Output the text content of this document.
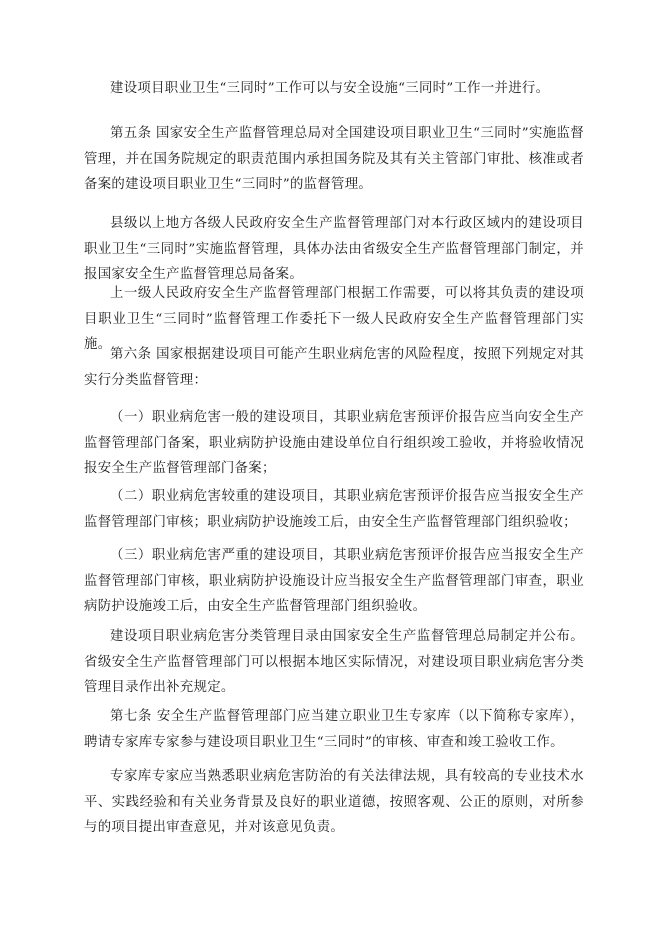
建设项目职业卫生“三同时”工作可以与安全设施“三同时”工作一并进行。

第五条 国家安全生产监督管理总局对全国建设项目职业卫生“三同时”实施监督管理，并在国务院规定的职责范围内承担国务院及其有关主管部门审批、核准或者备案的建设项目职业卫生“三同时”的监督管理。

县级以上地方各级人民政府安全生产监督管理部门对本行政区域内的建设项目职业卫生“三同时”实施监督管理，具体办法由省级安全生产监督管理部门制定，并报国家安全生产监督管理总局备案。

上一级人民政府安全生产监督管理部门根据工作需要，可以将其负责的建设项目职业卫生“三同时”监督管理工作委托下一级人民政府安全生产监督管理部门实施。

第六条 国家根据建设项目可能产生职业病危害的风险程度，按照下列规定对其实行分类监督管理：

（一）职业病危害一般的建设项目，其职业病危害预评价报告应当向安全生产监督管理部门备案，职业病防护设施由建设单位自行组织竣工验收，并将验收情况报安全生产监督管理部门备案；

（二）职业病危害较重的建设项目，其职业病危害预评价报告应当报安全生产监督管理部门审核；职业病防护设施竣工后，由安全生产监督管理部门组织验收；

（三）职业病危害严重的建设项目，其职业病危害预评价报告应当报安全生产监督管理部门审核，职业病防护设施设计应当报安全生产监督管理部门审查，职业病防护设施竣工后，由安全生产监督管理部门组织验收。

建设项目职业病危害分类管理目录由国家安全生产监督管理总局制定并公布。省级安全生产监督管理部门可以根据本地区实际情况，对建设项目职业病危害分类管理目录作出补充规定。

第七条 安全生产监督管理部门应当建立职业卫生专家库（以下简称专家库），聘请专家库专家参与建设项目职业卫生“三同时”的审核、审查和竣工验收工作。

专家库专家应当熟悉职业病危害防治的有关法律法规，具有较高的专业技术水平、实践经验和有关业务背景及良好的职业道德，按照客观、公正的原则，对所参与的项目提出审查意见，并对该意见负责。
